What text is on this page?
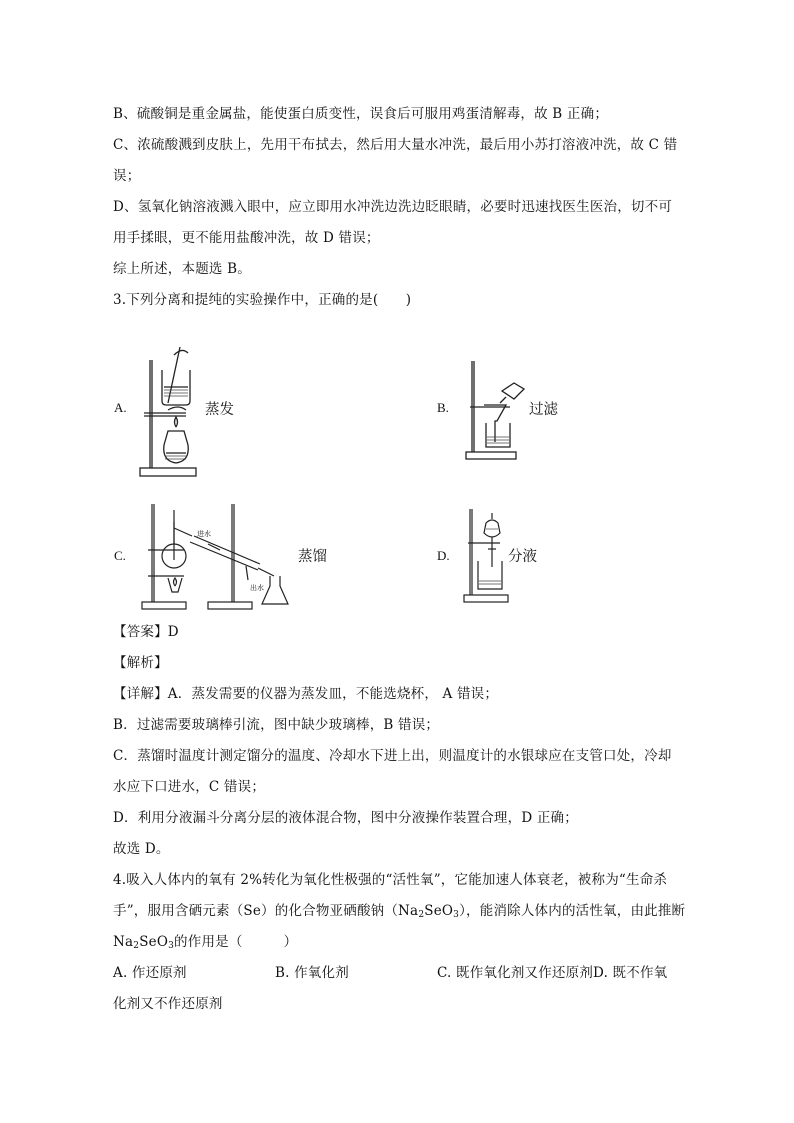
B、硫酸铜是重金属盐，能使蛋白质变性，误食后可服用鸡蛋清解毒，故 B 正确；
C、浓硫酸溅到皮肤上，先用干布拭去，然后用大量水冲洗，最后用小苏打溶液冲洗，故 C 错
误；
D、氢氧化钠溶液溅入眼中，应立即用水冲洗边洗边眨眼睛，必要时迅速找医生医治，切不可
用手揉眼，更不能用盐酸冲洗，故 D 错误；
综上所述，本题选 B。
3.下列分离和提纯的实验操作中，正确的是(　　)
A.	蒸发	B.	过滤
C.	蒸馏
进水
出水
D.	分液
【答案】D
【解析】
【详解】A．蒸发需要的仪器为蒸发皿，不能选烧杯， A 错误；
B．过滤需要玻璃棒引流，图中缺少玻璃棒，B 错误；
C．蒸馏时温度计测定馏分的温度、冷却水下进上出，则温度计的水银球应在支管口处，冷却
水应下口进水，C 错误；
D．利用分液漏斗分离分层的液体混合物，图中分液操作装置合理，D 正确；
故选 D。
4.吸入人体内的氧有 2%转化为氧化性极强的“活性氧”，它能加速人体衰老，被称为“生命杀
手”，服用含硒元素（Se）的化合物亚硒酸钠$(Na_2SeO_3)$，能消除人体内的活性氧，由此推断
$Na_2SeO_3$的作用是（　　　）
A. 作还原剂	B. 作氧化剂	C. 既作氧化剂又作还原剂D. 既不作氧
化剂又不作还原剂
